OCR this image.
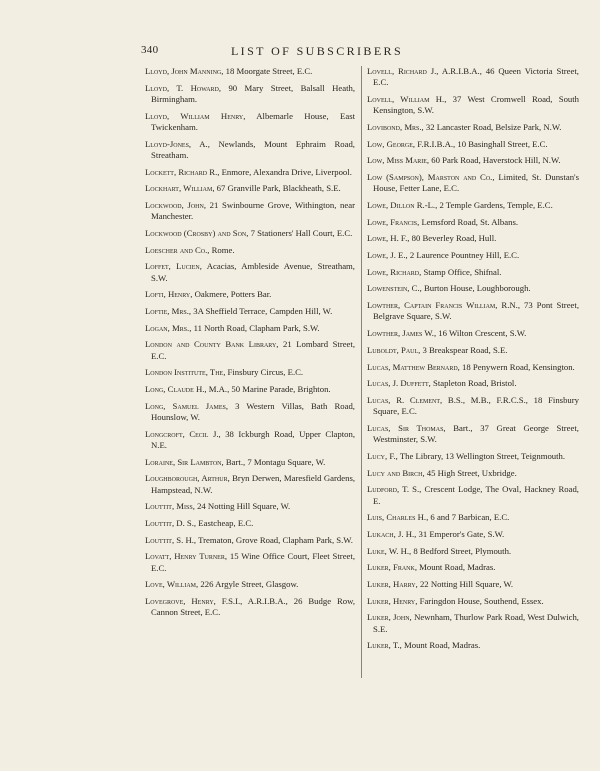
340	LIST OF SUBSCRIBERS
Lloyd, John Manning, 18 Moorgate Street, E.C.
Lloyd, T. Howard, 90 Mary Street, Balsall Heath, Birmingham.
Lloyd, William Henry, Albemarle House, East Twickenham.
Lloyd-Jones, A., Newlands, Mount Ephraim Road, Streatham.
Lockett, Richard R., Enmore, Alexandra Drive, Liverpool.
Lockhart, William, 67 Granville Park, Blackheath, S.E.
Lockwood, John, 21 Swinbourne Grove, Withington, near Manchester.
Lockwood (Crosby) and Son, 7 Stationers' Hall Court, E.C.
Loescher and Co., Rome.
Loffet, Lucien, Acacias, Ambleside Avenue, Streatham, S.W.
Lofti, Henry, Oakmere, Potters Bar.
Loftie, Mrs., 3A Sheffield Terrace, Campden Hill, W.
Logan, Mrs., 11 North Road, Clapham Park, S.W.
London and County Bank Library, 21 Lombard Street, E.C.
London Institute, The, Finsbury Circus, E.C.
Long, Claude H., M.A., 50 Marine Parade, Brighton.
Long, Samuel James, 3 Western Villas, Bath Road, Hounslow, W.
Longcroft, Cecil J., 38 Ickburgh Road, Upper Clapton, N.E.
Loraine, Sir Lambton, Bart., 7 Montagu Square, W.
Loughborough, Arthur, Bryn Derwen, Maresfield Gardens, Hampstead, N.W.
Louttit, Miss, 24 Notting Hill Square, W.
Louttit, D. S., Eastcheap, E.C.
Louttit, S. H., Trematon, Grove Road, Clapham Park, S.W.
Lovatt, Henry Turner, 15 Wine Office Court, Fleet Street, E.C.
Love, William, 226 Argyle Street, Glasgow.
Lovegrove, Henry, F.S.I., A.R.I.B.A., 26 Budge Row, Cannon Street, E.C.
Lovell, Richard J., A.R.I.B.A., 46 Queen Victoria Street, E.C.
Lovell, William H., 37 West Cromwell Road, South Kensington, S.W.
Lovibond, Mrs., 32 Lancaster Road, Belsize Park, N.W.
Low, George, F.R.I.B.A., 10 Basinghall Street, E.C.
Low, Miss Marie, 60 Park Road, Haverstock Hill, N.W.
Low (Sampson), Marston and Co., Limited, St. Dunstan's House, Fetter Lane, E.C.
Lowe, Dillon R.-L., 2 Temple Gardens, Temple, E.C.
Lowe, Francis, Lemsford Road, St. Albans.
Lowe, H. F., 80 Beverley Road, Hull.
Lowe, J. E., 2 Laurence Pountney Hill, E.C.
Lowe, Richard, Stamp Office, Shifnal.
Lowenstein, C., Burton House, Loughborough.
Lowther, Captain Francis William, R.N., 73 Pont Street, Belgrave Square, S.W.
Lowther, James W., 16 Wilton Crescent, S.W.
Luboldt, Paul, 3 Breakspear Road, S.E.
Lucas, Matthew Bernard, 18 Penywern Road, Kensington.
Lucas, J. Duffett, Stapleton Road, Bristol.
Lucas, R. Clement, B.S., M.B., F.R.C.S., 18 Finsbury Square, E.C.
Lucas, Sir Thomas, Bart., 37 Great George Street, Westminster, S.W.
Lucy, F., The Library, 13 Wellington Street, Teignmouth.
Lucy and Birch, 45 High Street, Uxbridge.
Ludford, T. S., Crescent Lodge, The Oval, Hackney Road, E.
Luis, Charles H., 6 and 7 Barbican, E.C.
Lukach, J. H., 31 Emperor's Gate, S.W.
Luke, W. H., 8 Bedford Street, Plymouth.
Luker, Frank, Mount Road, Madras.
Luker, Harry, 22 Notting Hill Square, W.
Luker, Henry, Faringdon House, Southend, Essex.
Luker, John, Newnham, Thurlow Park Road, West Dulwich, S.E.
Luker, T., Mount Road, Madras.
